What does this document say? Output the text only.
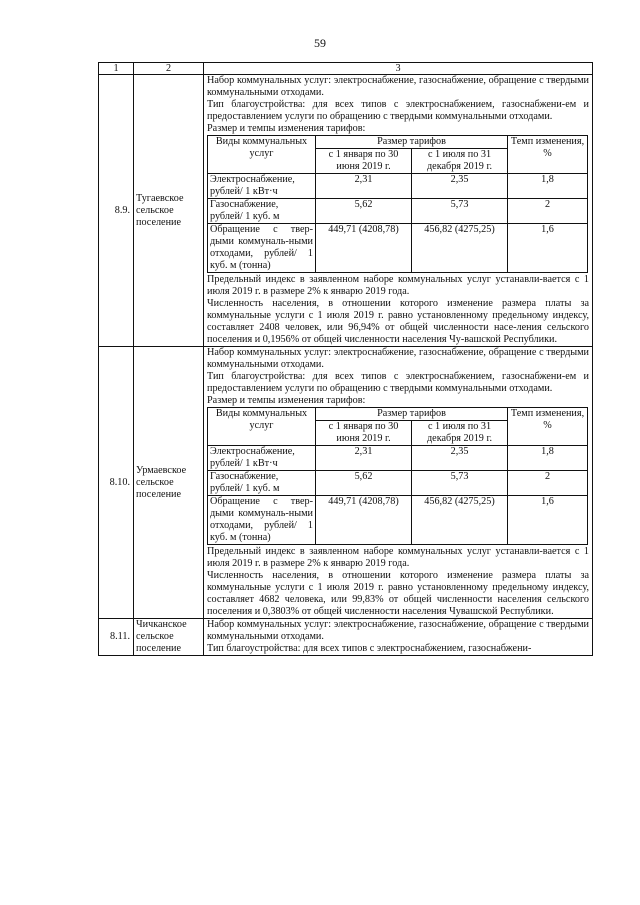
59
1	2	3
8.9.	Тугаевское сельское поселение	

Набор коммунальных услуг: электроснабжение, газоснабжение, обращение с твердыми коммунальными отходами.

Тип благоустройства: для всех типов с электроснабжением, газоснабжени-ем и предоставлением услуги по обращению с твердыми коммунальными отходами.

Размер и темпы изменения тарифов:

Виды коммунальных услуг	Размер тарифов	Темп изменения, %
с 1 января по 30 июня 2019 г.	с 1 июля по 31 декабря 2019 г.
Электроснабжение, рублей/ 1 кВт·ч	2,31	2,35	1,8
Газоснабжение, рублей/ 1 куб. м	5,62	5,73	2
Обращение с твер-дыми коммуналь-ными отходами, рублей/ 1 куб. м (тонна)	449,71 (4208,78)	456,82 (4275,25)	1,6

Предельный индекс в заявленном наборе коммунальных услуг устанавли-вается с 1 июля 2019 г. в размере 2% к январю 2019 года.

Численность населения, в отношении которого изменение размера платы за коммунальные услуги с 1 июля 2019 г. равно установленному предельному индексу, составляет 2408 человек, или 96,94% от общей численности насе-ления сельского поселения и 0,1956% от общей численности населения Чу-вашской Республики.

8.10.	Урмаевское сельское поселение	

Набор коммунальных услуг: электроснабжение, газоснабжение, обращение с твердыми коммунальными отходами.

Тип благоустройства: для всех типов с электроснабжением, газоснабжени-ем и предоставлением услуги по обращению с твердыми коммунальными отходами.

Размер и темпы изменения тарифов:

Виды коммунальных услуг	Размер тарифов	Темп изменения, %
с 1 января по 30 июня 2019 г.	с 1 июля по 31 декабря 2019 г.
Электроснабжение, рублей/ 1 кВт·ч	2,31	2,35	1,8
Газоснабжение, рублей/ 1 куб. м	5,62	5,73	2
Обращение с твер-дыми коммуналь-ными отходами, рублей/ 1 куб. м (тонна)	449,71 (4208,78)	456,82 (4275,25)	1,6

Предельный индекс в заявленном наборе коммунальных услуг устанавли-вается с 1 июля 2019 г. в размере 2% к январю 2019 года.

Численность населения, в отношении которого изменение размера платы за коммунальные услуги с 1 июля 2019 г. равно установленному предельному индексу, составляет 4682 человека, или 99,83% от общей численности населения сельского поселения и 0,3803% от общей численности населения Чувашской Республики.

8.11.	Чичканское сельское поселение	

Набор коммунальных услуг: электроснабжение, газоснабжение, обращение с твердыми коммунальными отходами.

Тип благоустройства: для всех типов с электроснабжением, газоснабжени-
